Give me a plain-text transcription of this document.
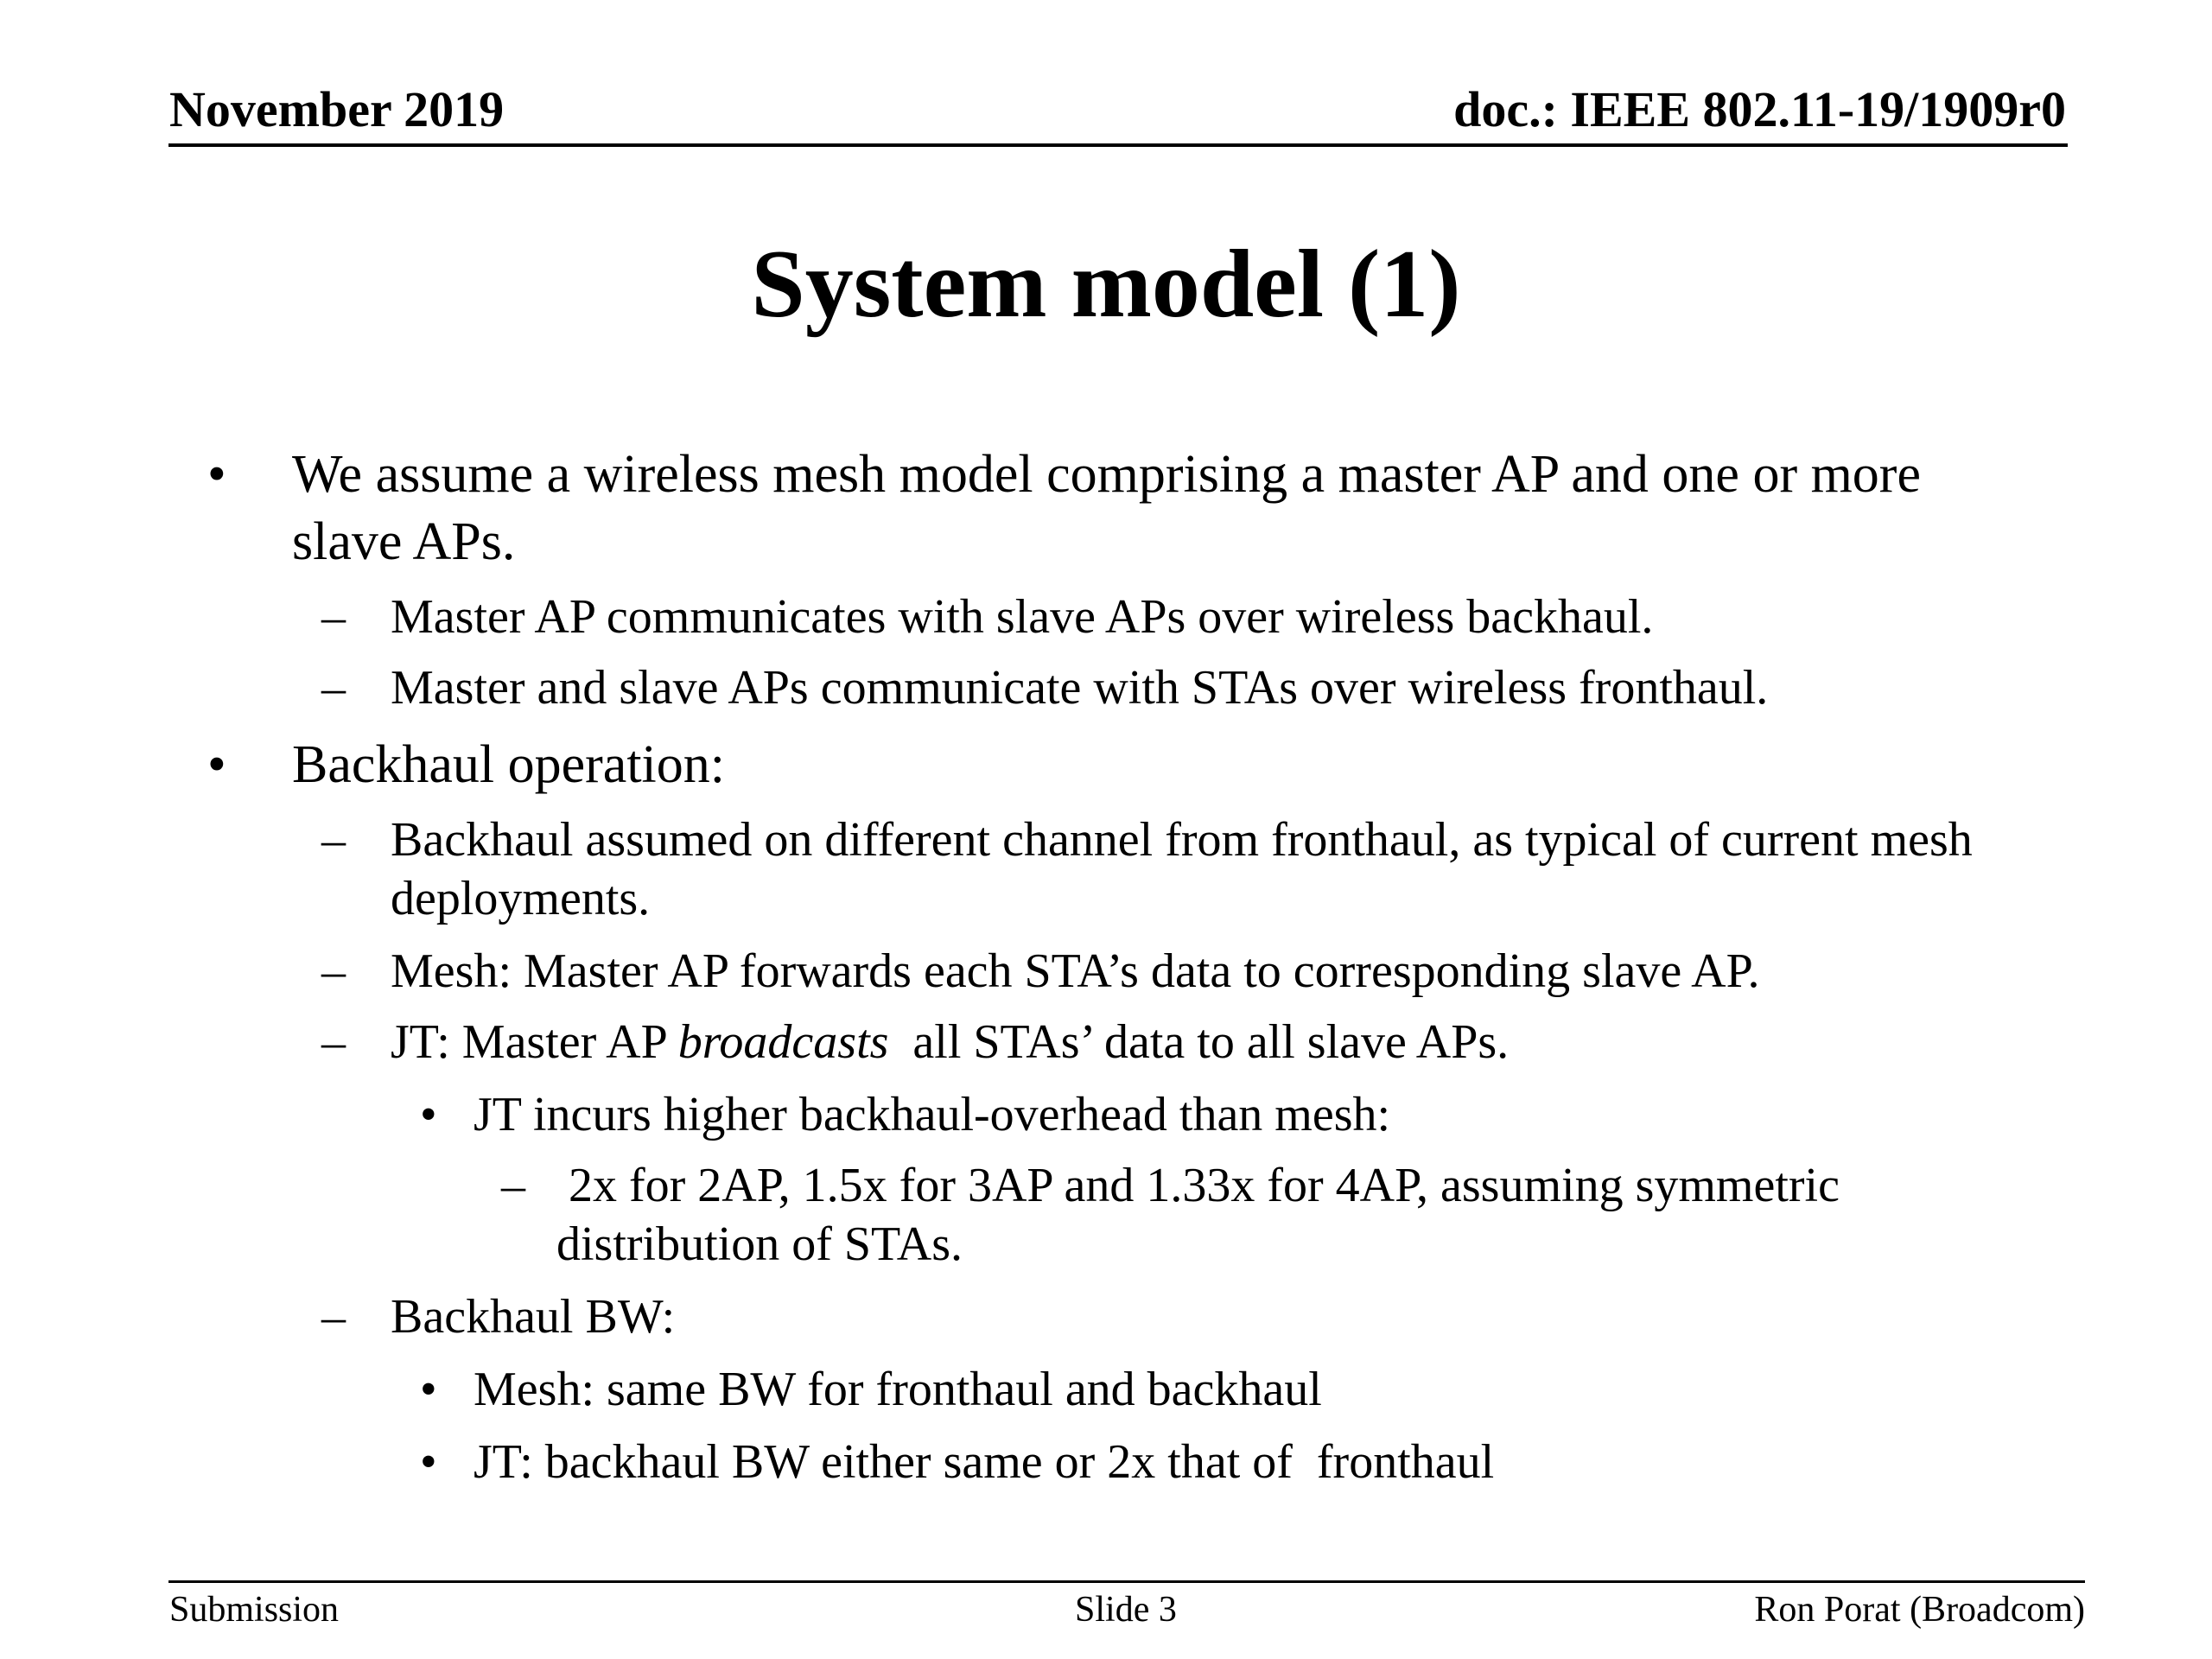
November 2019	doc.: IEEE 802.11-19/1909r0
System model (1)
• We assume a wireless mesh model comprising a master AP and one or more
slave APs.
– Master AP communicates with slave APs over wireless backhaul.
– Master and slave APs communicate with STAs over wireless fronthaul.
• Backhaul operation:
– Backhaul assumed on different channel from fronthaul, as typical of current mesh
deployments.
– Mesh: Master AP forwards each STA’s data to corresponding slave AP.
– JT: Master AP broadcasts  all STAs’ data to all slave APs.
• JT incurs higher backhaul-overhead than mesh:
– 2x for 2AP, 1.5x for 3AP and 1.33x for 4AP, assuming symmetric
distribution of STAs.
– Backhaul BW:
• Mesh: same BW for fronthaul and backhaul
• JT: backhaul BW either same or 2x that of  fronthaul
Submission	Slide 3	Ron Porat (Broadcom)
